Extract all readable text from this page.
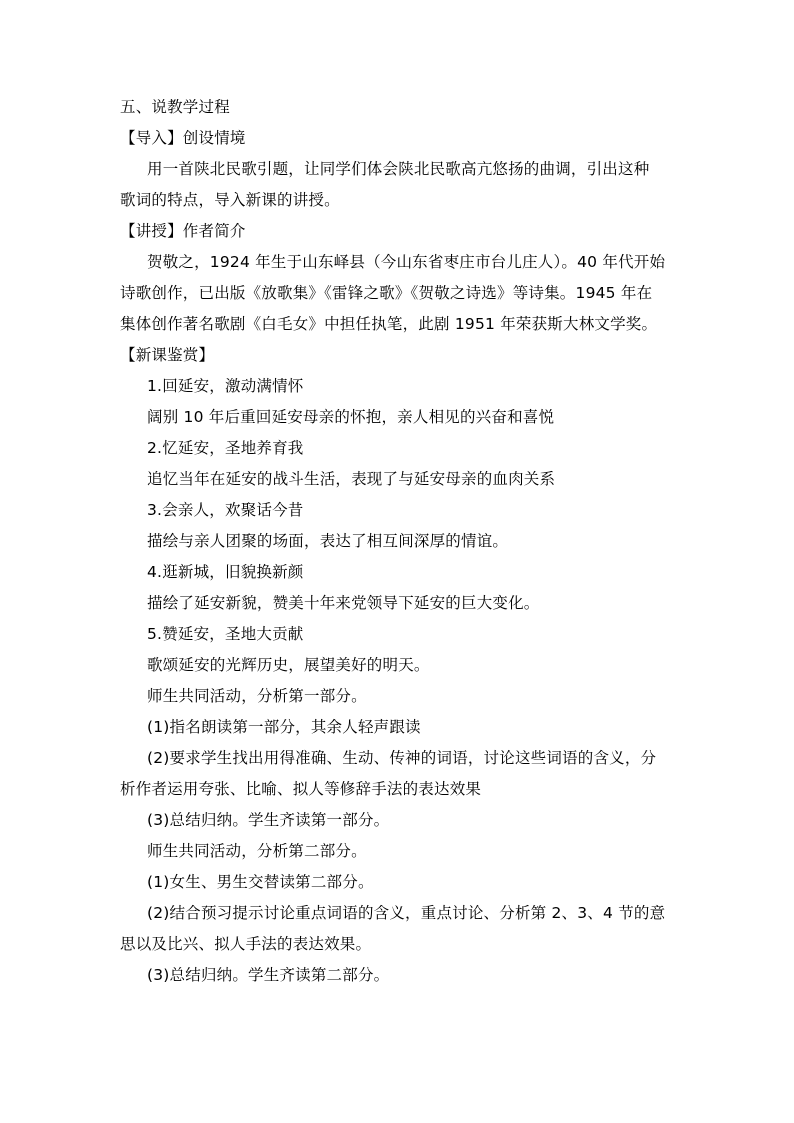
五、说教学过程
【导入】创设情境
用一首陕北民歌引题，让同学们体会陕北民歌高亢悠扬的曲调，引出这种
歌词的特点，导入新课的讲授。
【讲授】作者简介
贺敬之，1924 年生于山东峄县（今山东省枣庄市台儿庄人）。40 年代开始
诗歌创作，已出版《放歌集》《雷锋之歌》《贺敬之诗选》等诗集。1945 年在
集体创作著名歌剧《白毛女》中担任执笔，此剧 1951 年荣获斯大林文学奖。
【新课鉴赏】
1.回延安，激动满情怀
阔别 10 年后重回延安母亲的怀抱，亲人相见的兴奋和喜悦
2.忆延安，圣地养育我
追忆当年在延安的战斗生活，表现了与延安母亲的血肉关系
3.会亲人，欢聚话今昔
描绘与亲人团聚的场面，表达了相互间深厚的情谊。
4.逛新城，旧貌换新颜
描绘了延安新貌，赞美十年来党领导下延安的巨大变化。
5.赞延安，圣地大贡献
歌颂延安的光辉历史，展望美好的明天。
师生共同活动，分析第一部分。
(1)指名朗读第一部分，其余人轻声跟读
(2)要求学生找出用得准确、生动、传神的词语，讨论这些词语的含义，分
析作者运用夸张、比喻、拟人等修辞手法的表达效果
(3)总结归纳。学生齐读第一部分。
师生共同活动，分析第二部分。
(1)女生、男生交替读第二部分。
(2)结合预习提示讨论重点词语的含义，重点讨论、分析第 2、3、4 节的意
思以及比兴、拟人手法的表达效果。
(3)总结归纳。学生齐读第二部分。
